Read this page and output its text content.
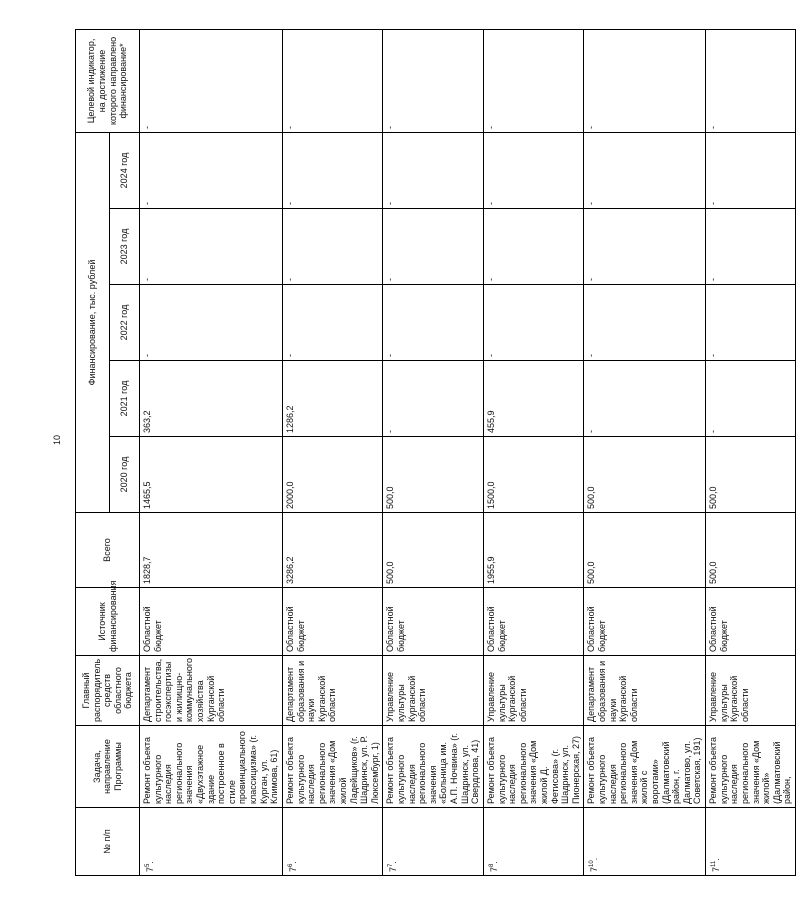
10
№ п/п	Задача, направление Программы	Главный распорядитель средств областного бюджета	Источник финансирования	Всего	Финансирование, тыс. рублей					Целевой индикатор, на достижение которого направлено финансирование*
					2020 год	2021 год	2022 год	2023 год	2024 год	
$7^5$.	Ремонт объекта культурного наследия регионального значения «Двухэтажное здание построенное в стиле провинциального классицизма» (г. Курган, ул. Климова, 61)	Департамент строительства, госэкспертизы и жилищно-коммунального хозяйства Курганской области	Областной бюджет	1828,7	1465,5	363,2	-	-	-	-
$7^6$.	Ремонт объекта культурного наследия регионального значения «Дом жилой Ладейщиков» (г. Шадринск, ул. Р. Люксембург, 1)	Департамент образования и науки Курганской области	Областной бюджет	3286,2	2000,0	1286,2	-	-	-	-
$7^7$.	Ремонт объекта культурного наследия регионального значения «Больница им. А.П. Ночвина» (г. Шадринск, ул. Свердлова, 41)	Управление культуры Курганской области	Областной бюджет	500,0	500,0	-	-	-	-	-
$7^8$.	Ремонт объекта культурного наследия регионального значения «Дом жилой Д. Фетисова» (г. Шадринск, ул. Пионерская, 27)	Управление культуры Курганской области	Областной бюджет	1955,9	1500,0	455,9	-	-	-	-
$7^{10}$.	Ремонт объекта культурного наследия регионального значения «Дом жилой с воротами» (Далматовский район, г. Далматово, ул. Советская, 191)	Департамент образования и науки Курганской области	Областной бюджет	500,0	500,0	-	-	-	-	-
$7^{11}$.	Ремонт объекта культурного наследия регионального значения «Дом жилой» (Далматовский район,	Управление культуры Курганской области	Областной бюджет	500,0	500,0	-	-	-	-	-
